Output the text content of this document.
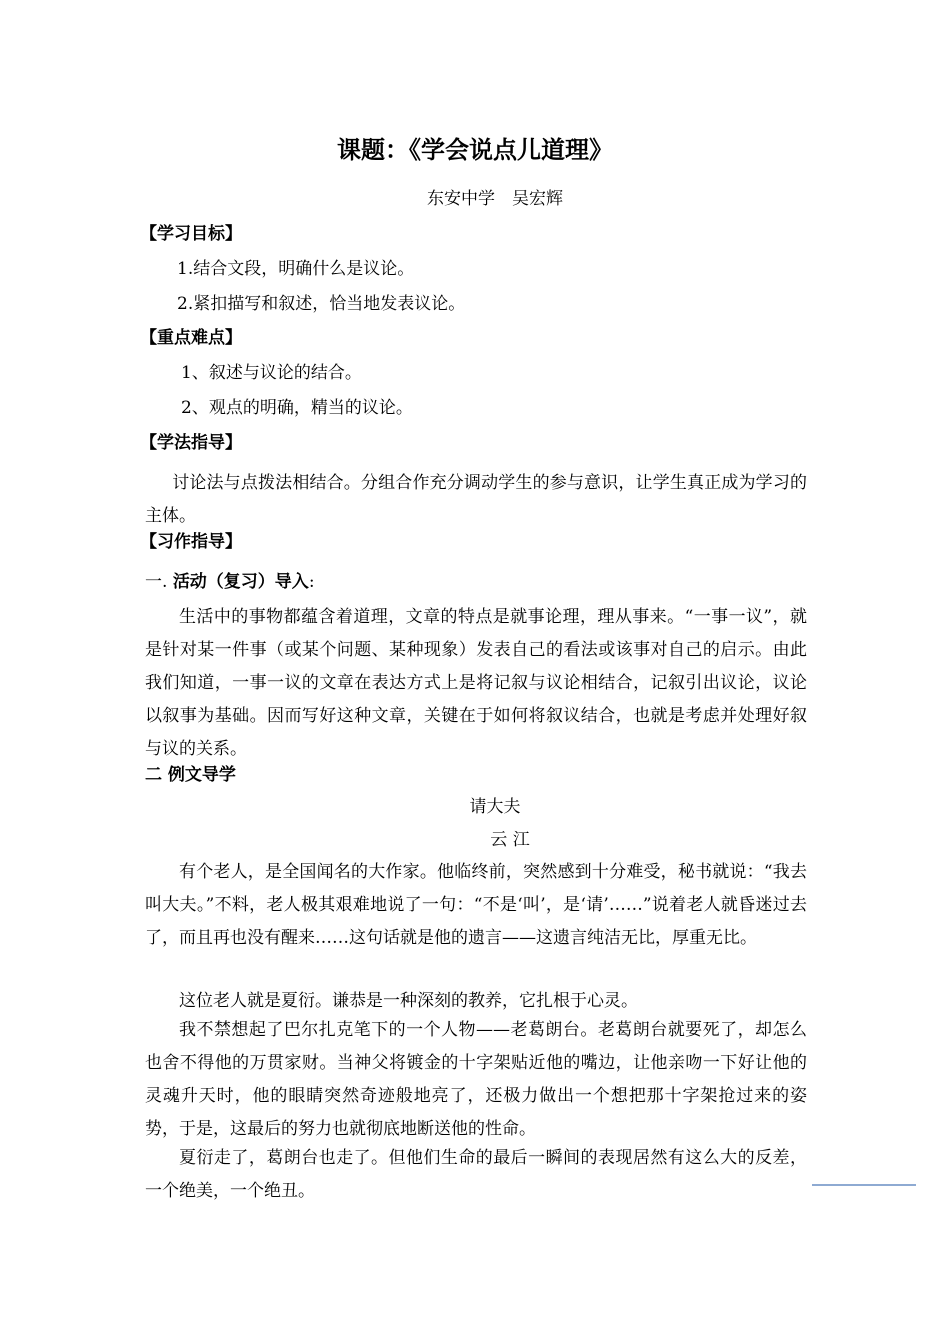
课题：《学会说点儿道理》
东安中学　吴宏辉
【学习目标】
1.结合文段，明确什么是议论。
2.紧扣描写和叙述，恰当地发表议论。
【重点难点】
1、叙述与议论的结合。
2、观点的明确，精当的议论。
【学法指导】

讨论法与点拨法相结合。分组合作充分调动学生的参与意识，让学生真正成为学习的主体。

【习作指导】
一. 活动（复习）导入:

生活中的事物都蕴含着道理，文章的特点是就事论理，理从事来。“一事一议”，就是针对某一件事（或某个问题、某种现象）发表自己的看法或该事对自己的启示。由此我们知道，一事一议的文章在表达方式上是将记叙与议论相结合，记叙引出议论，议论以叙事为基础。因而写好这种文章，关键在于如何将叙议结合，也就是考虑并处理好叙与议的关系。

二 例文导学
请大夫
云 江

有个老人，是全国闻名的大作家。他临终前，突然感到十分难受，秘书就说：“我去叫大夫。”不料，老人极其艰难地说了一句：“不是‘叫’，是‘请’……”说着老人就昏迷过去了，而且再也没有醒来……这句话就是他的遗言——这遗言纯洁无比，厚重无比。

这位老人就是夏衍。谦恭是一种深刻的教养，它扎根于心灵。

我不禁想起了巴尔扎克笔下的一个人物——老葛朗台。老葛朗台就要死了，却怎么也舍不得他的万贯家财。当神父将镀金的十字架贴近他的嘴边，让他亲吻一下好让他的灵魂升天时，他的眼睛突然奇迹般地亮了，还极力做出一个想把那十字架抢过来的姿势，于是，这最后的努力也就彻底地断送他的性命。

夏衍走了，葛朗台也走了。但他们生命的最后一瞬间的表现居然有这么大的反差，一个绝美，一个绝丑。
